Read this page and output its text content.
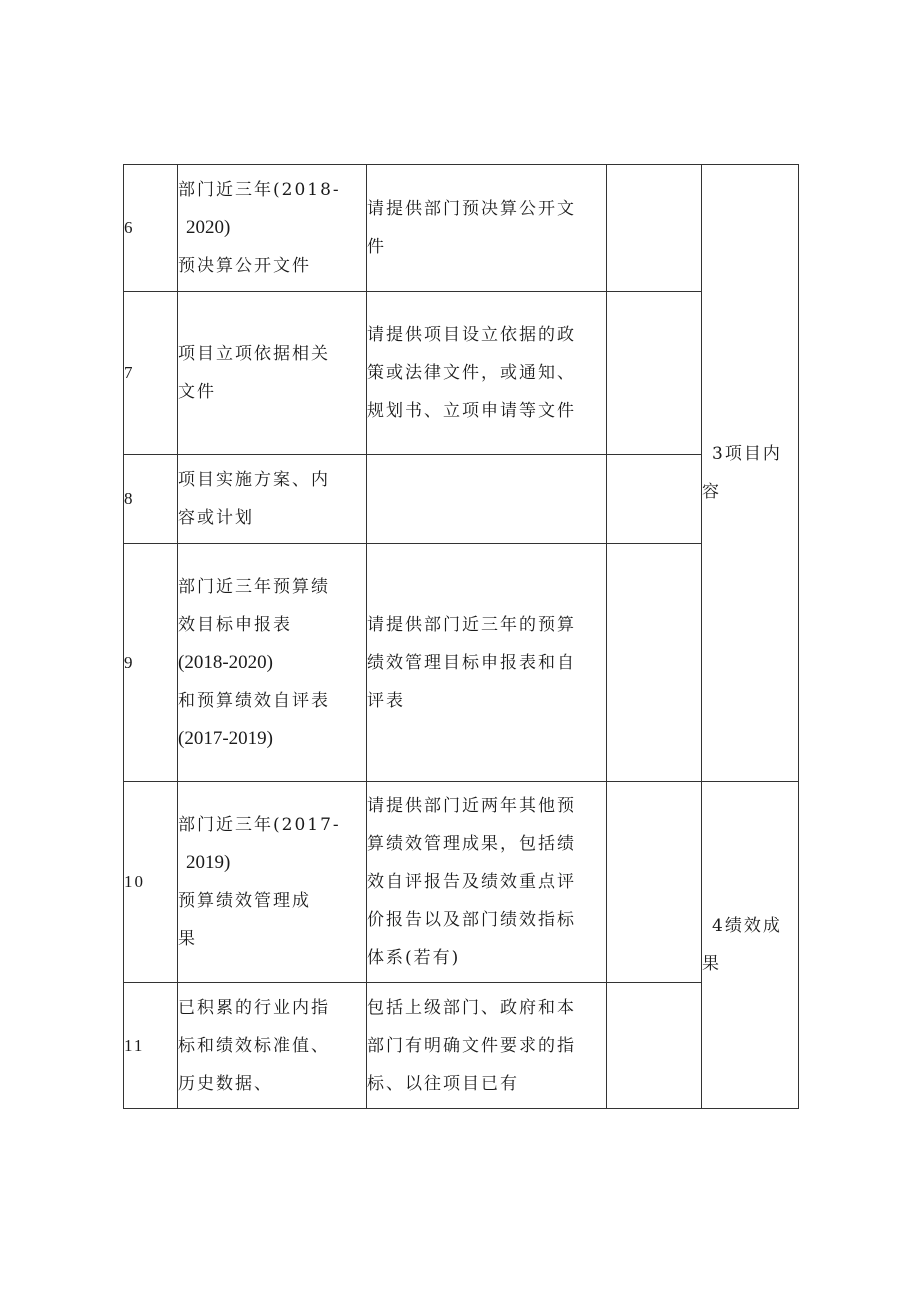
6	部门近三年(2018-
2020)
预决算公开文件	请提供部门预决算公开文
件		3项目内
容

7	项目立项依据相关
文件	请提供项目设立依据的政
策或法律文件，或通知、
规划书、立项申请等文件		

8	项目实施方案、内
容或计划			

9	部门近三年预算绩
效目标申报表
(2018-2020)
和预算绩效自评表
(2017-2019)	请提供部门近三年的预算
绩效管理目标申报表和自
评表		

10	部门近三年(2017-
2019)
预算绩效管理成
果	请提供部门近两年其他预
算绩效管理成果，包括绩
效自评报告及绩效重点评
价报告以及部门绩效指标
体系(若有)		4绩效成
果

11	已积累的行业内指
标和绩效标准值、
历史数据、	包括上级部门、政府和本
部门有明确文件要求的指
标、以往项目已有		
